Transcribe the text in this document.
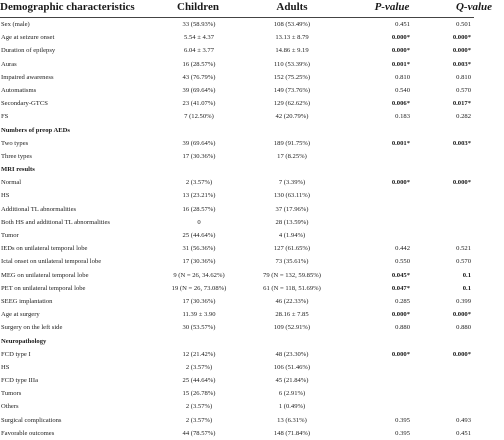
Demographic characteristics	Children	Adults	P-value	Q-value
Sex (male)	33 (58.93%)	108 (53.49%)	0.451	0.501
Age at seizure onset	5.54 ± 4.37	13.13 ± 8.79	0.000*	0.000*
Duration of epilepsy	6.04 ± 3.77	14.86 ± 9.19	0.000*	0.000*
Auras	16 (28.57%)	110 (53.39%)	0.001*	0.003*
Impaired awareness	43 (76.79%)	152 (75.25%)	0.810	0.810
Automatisms	39 (69.64%)	149 (73.76%)	0.540	0.570
Secondary-GTCS	23 (41.07%)	129 (62.62%)	0.006*	0.017*
FS	7 (12.50%)	42 (20.79%)	0.183	0.282
Numbers of preop AEDs
Two types	39 (69.64%)	189 (91.75%)	0.001*	0.003*
Three types	17 (30.36%)	17 (8.25%)
MRI results
Normal	2 (3.57%)	7 (3.39%)	0.000*	0.000*
HS	13 (23.21%)	130 (63.11%)
Additional TL abnormalities	16 (28.57%)	37 (17.96%)
Both HS and additional TL abnormalities	0	28 (13.59%)
Tumor	25 (44.64%)	4 (1.94%)
IEDs on unilateral temporal lobe	31 (56.36%)	127 (61.65%)	0.442	0.521
Ictal onset on unilateral temporal lobe	17 (30.36%)	73 (35.61%)	0.550	0.570
MEG on unilateral temporal lobe	9 (N = 26, 34.62%)	79 (N = 132, 59.85%)	0.045*	0.1
PET on unilateral temporal lobe	19 (N = 26, 73.08%)	61 (N = 118, 51.69%)	0.047*	0.1
SEEG implantation	17 (30.36%)	46 (22.33%)	0.285	0.399
Age at surgery	11.39 ± 3.90	28.16 ± 7.85	0.000*	0.000*
Surgery on the left side	30 (53.57%)	109 (52.91%)	0.880	0.880
Neuropathology
FCD type I	12 (21.42%)	48 (23.30%)	0.000*	0.000*
HS	2 (3.57%)	106 (51.46%)
FCD type IIIa	25 (44.64%)	45 (21.84%)
Tumors	15 (26.78%)	6 (2.91%)
Others	2 (3.57%)	1 (0.49%)
Surgical complications	2 (3.57%)	13 (6.31%)	0.395	0.493
Favorable outcomes	44 (78.57%)	148 (71.84%)	0.395	0.451
